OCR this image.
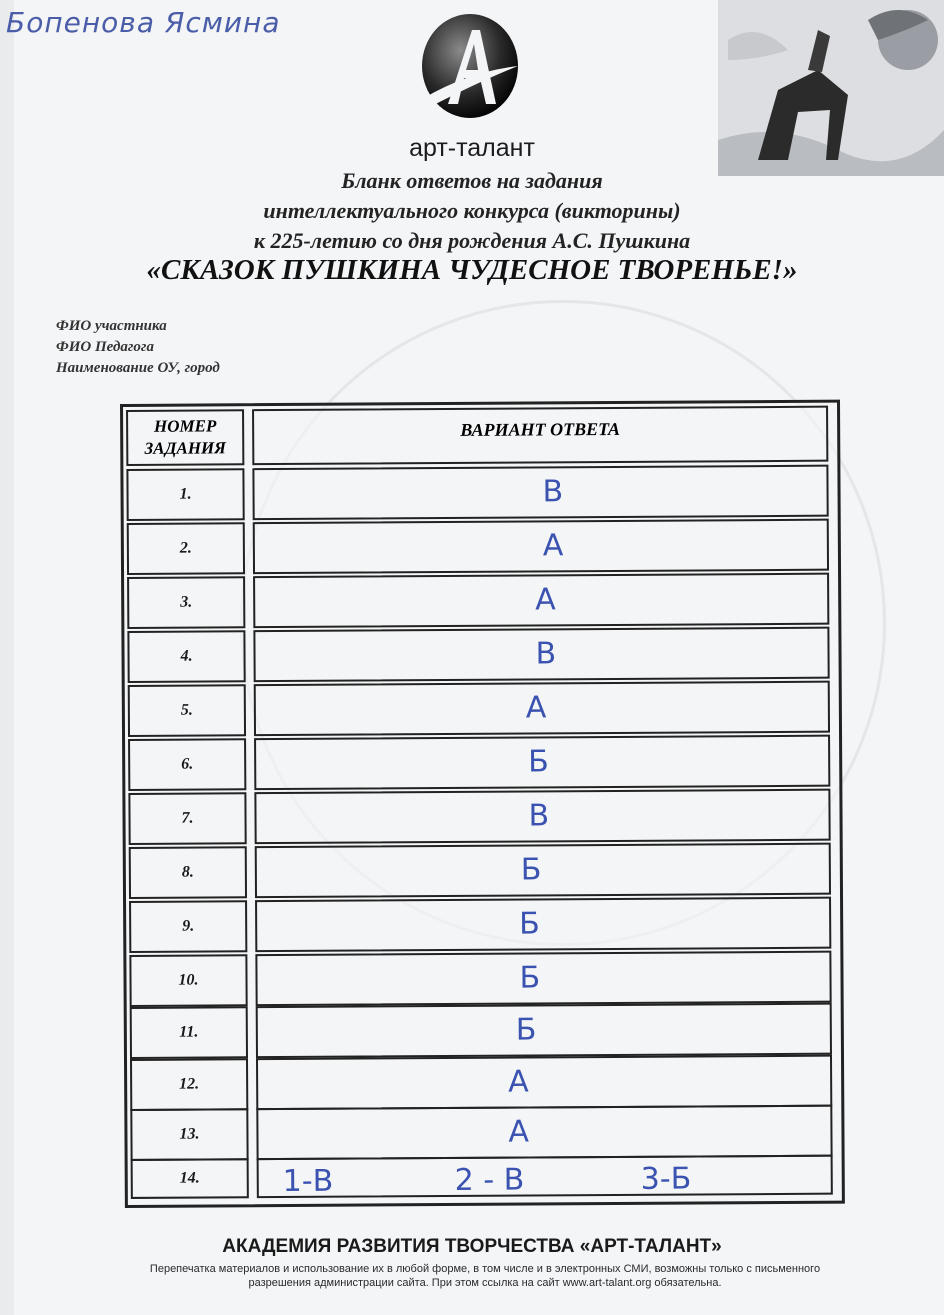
Бопенова Ясмина
арт-талант
Бланк ответов на задания
интеллектуального конкурса (викторины)
к 225-летию со дня рождения А.С. Пушкина
«СКАЗОК ПУШКИНА ЧУДЕСНОЕ ТВОРЕНЬЕ!»
ФИО участника
ФИО Педагога
Наименование ОУ, город
НОМЕР ЗАДАНИЯ
ВАРИАНТ ОТВЕТА
1.	В
2.	А
3.	А
4.	В
5.	А
6.	Б
7.	В
8.	Б
9.	Б
10.	Б
11.	Б
12.	А
13.	А
14.	1-В	2 - В	3-Б
АКАДЕМИЯ РАЗВИТИЯ ТВОРЧЕСТВА «АРТ-ТАЛАНТ»
Перепечатка материалов и использование их в любой форме, в том числе и в электронных СМИ, возможны только с письменного разрешения администрации сайта. При этом ссылка на сайт www.art-talant.org обязательна.
